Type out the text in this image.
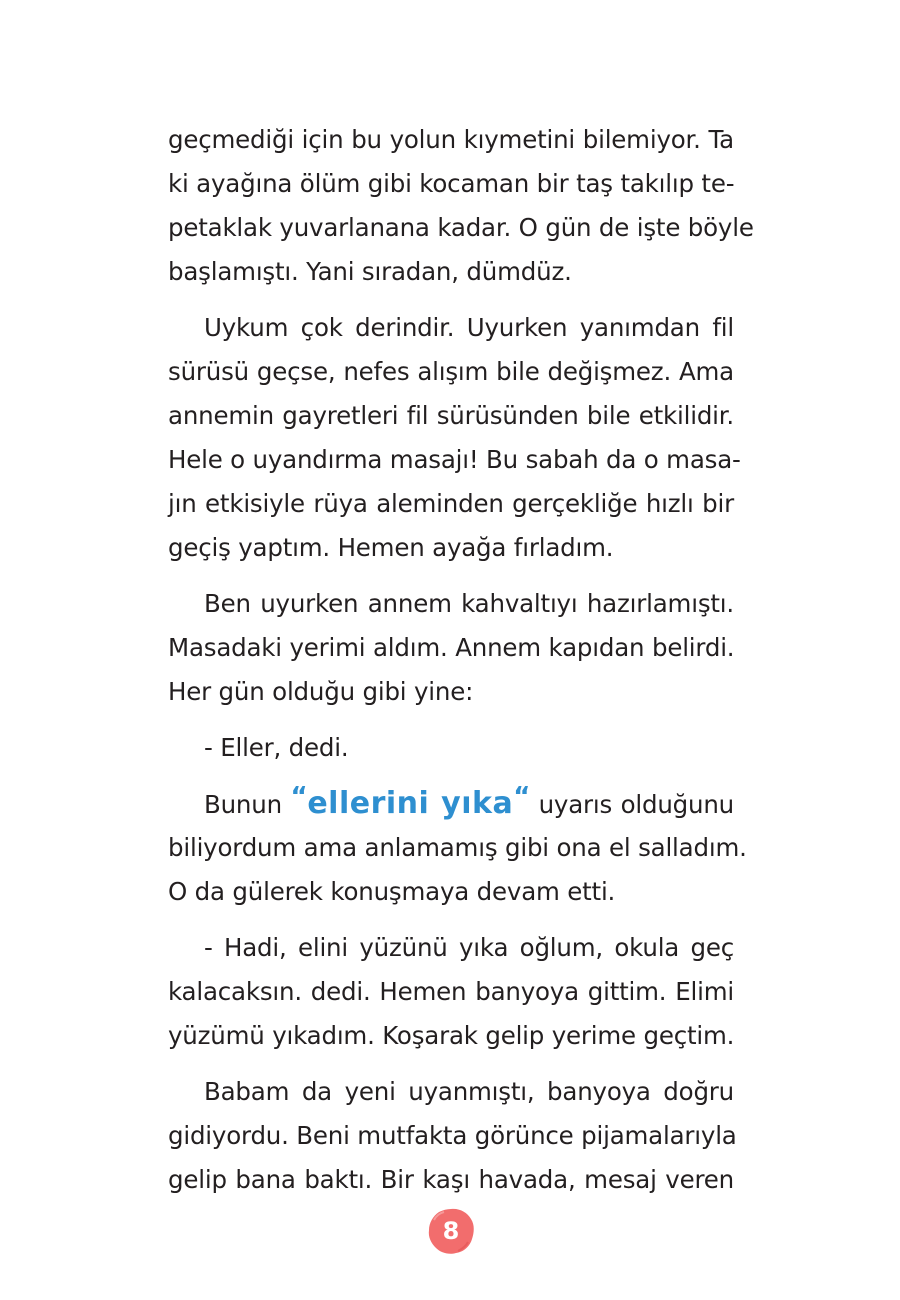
geçmediği için bu yolun kıymetini bilemiyor. Ta
ki ayağına ölüm gibi kocaman bir taş takılıp te-
petaklak yuvarlanana kadar. O gün de işte böyle
başlamıştı. Yani sıradan, dümdüz.
Uykum çok derindir. Uyurken yanımdan fil
sürüsü geçse, nefes alışım bile değişmez. Ama
annemin gayretleri fil sürüsünden bile etkilidir.
Hele o uyandırma masajı! Bu sabah da o masa-
jın etkisiyle rüya aleminden gerçekliğe hızlı bir
geçiş yaptım. Hemen ayağa fırladım.
Ben uyurken annem kahvaltıyı hazırlamıştı.
Masadaki yerimi aldım. Annem kapıdan belirdi.
Her gün olduğu gibi yine:
- Eller, dedi.
Bunun “ellerini yıka“ uyarıs olduğunu
biliyordum ama anlamamış gibi ona el salladım.
O da gülerek konuşmaya devam etti.
- Hadi, elini yüzünü yıka oğlum, okula geç
kalacaksın. dedi. Hemen banyoya gittim. Elimi
yüzümü yıkadım. Koşarak gelip yerime geçtim.
Babam da yeni uyanmıştı, banyoya doğru
gidiyordu. Beni mutfakta görünce pijamalarıyla
gelip bana baktı. Bir kaşı havada, mesaj veren
8
